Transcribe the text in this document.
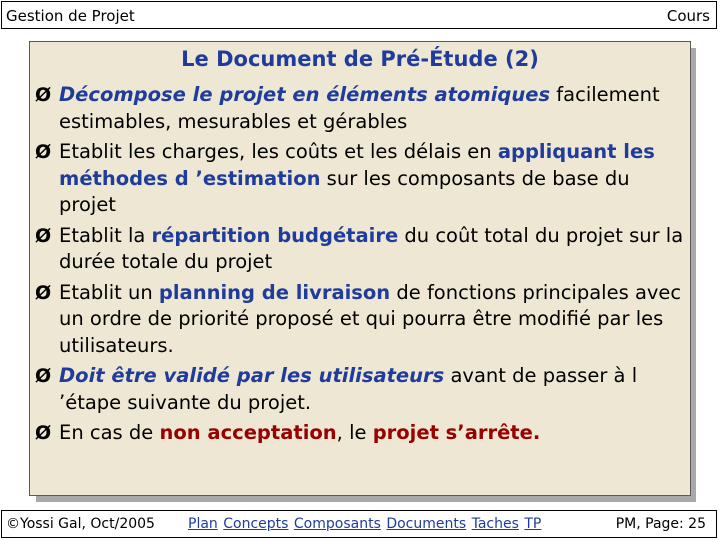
Gestion de Projet	Cours
Le Document de Pré-Étude (2)
Ø Décompose le projet en éléments atomiques facilement estimables, mesurables et gérables
Ø Etablit les charges, les coûts et les délais en appliquant les méthodes d ’estimation sur les composants de base du projet
Ø Etablit la répartition budgétaire du coût total du projet sur la durée totale du projet
Ø Etablit un planning de livraison de fonctions principales avec un ordre de priorité proposé et qui pourra être modifié par les utilisateurs.
Ø Doit être validé par les utilisateurs avant de passer à l ’étape suivante du projet.
Ø En cas de non acceptation, le projet s’arrête.
©Yossi Gal, Oct/2005 Plan Concepts Composants Documents Taches TP	PM, Page: 25
